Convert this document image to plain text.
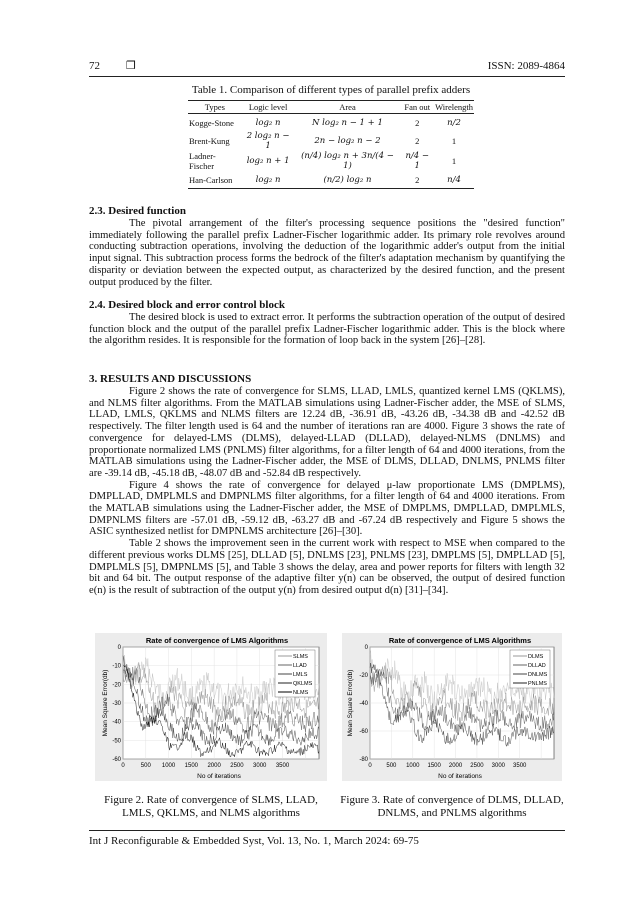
72 ❒	ISSN: 2089-4864
Table 1. Comparison of different types of parallel prefix adders
Types	Logic level	Area	Fan out	Wirelength
Kogge-Stone	log₂ n	N log₂ n − 1 + 1	2	n/2
Brent-Kung	2 log₂ n − 1	2n − log₂ n − 2	2	1
Ladner-Fischer	log₂ n + 1	(n/4) log₂ n + 3n/(4 − 1)	n/4 − 1	1
Han-Carlson	log₂ n	(n/2) log₂ n	2	n/4
2.3. Desired function

The pivotal arrangement of the filter's processing sequence positions the "desired function" immediately following the parallel prefix Ladner-Fischer logarithmic adder. Its primary role revolves around conducting subtraction operations, involving the deduction of the logarithmic adder's output from the initial input signal. This subtraction process forms the bedrock of the filter's adaptation mechanism by quantifying the disparity or deviation between the expected output, as characterized by the desired function, and the present output produced by the filter.

2.4. Desired block and error control block

The desired block is used to extract error. It performs the subtraction operation of the output of desired function block and the output of the parallel prefix Ladner-Fischer logarithmic adder. This is the block where the algorithm resides. It is responsible for the formation of loop back in the system [26]–[28].

3. RESULTS AND DISCUSSIONS

Figure 2 shows the rate of convergence for SLMS, LLAD, LMLS, quantized kernel LMS (QKLMS), and NLMS filter algorithms. From the MATLAB simulations using Ladner-Fischer adder, the MSE of SLMS, LLAD, LMLS, QKLMS and NLMS filters are 12.24 dB, -36.91 dB, -43.26 dB, -34.38 dB and -42.52 dB respectively. The filter length used is 64 and the number of iterations ran are 4000. Figure 3 shows the rate of convergence for delayed-LMS (DLMS), delayed-LLAD (DLLAD), delayed-NLMS (DNLMS) and proportionate normalized LMS (PNLMS) filter algorithms, for a filter length of 64 and 4000 iterations, from the MATLAB simulations using the Ladner-Fischer adder, the MSE of DLMS, DLLAD, DNLMS, PNLMS filter are -39.14 dB, -45.18 dB, -48.07 dB and -52.84 dB respectively.

Figure 4 shows the rate of convergence for delayed μ-law proportionate LMS (DMPLMS), DMPLLAD, DMPLMLS and DMPNLMS filter algorithms, for a filter length of 64 and 4000 iterations. From the MATLAB simulations using the Ladner-Fischer adder, the MSE of DMPLMS, DMPLLAD, DMPLMLS, DMPNLMS filters are -57.01 dB, -59.12 dB, -63.27 dB and -67.24 dB respectively and Figure 5 shows the ASIC synthesized netlist for DMPNLMS architecture [26]–[30].

Table 2 shows the improvement seen in the current work with respect to MSE when compared to the different previous works DLMS [25], DLLAD [5], DNLMS [23], PNLMS [23], DMPLMS [5], DMPLLAD [5], DMPLMLS [5], DMPNLMS [5], and Table 3 shows the delay, area and power reports for filters with length 32 bit and 64 bit. The output response of the adaptive filter y(n) can be observed, the output of desired function e(n) is the result of subtraction of the output y(n) from desired output d(n) [31]–[34].

Rate of convergence of LMS Algorithms
0
-10
-20
-30
-40
-50
-60
0	500 1000 1500 2000 2500 3000 3500
No of iterations
Mean Square Error(db)
SLMS
LLAD
LMLS
QKLMS
NLMS
Rate of convergence of LMS Algorithms
0
-20
-40
-60
-80
0 500 1000 1500 2000 2500 3000 3500
No of iterations
Mean Square Error(db)
DLMS
DLLAD
DNLMS
PNLMS
Figure 2. Rate of convergence of SLMS, LLAD, LMLS, QKLMS, and NLMS algorithms
Figure 3. Rate of convergence of DLMS, DLLAD, DNLMS, and PNLMS algorithms
Int J Reconfigurable & Embedded Syst, Vol. 13, No. 1, March 2024: 69-75
